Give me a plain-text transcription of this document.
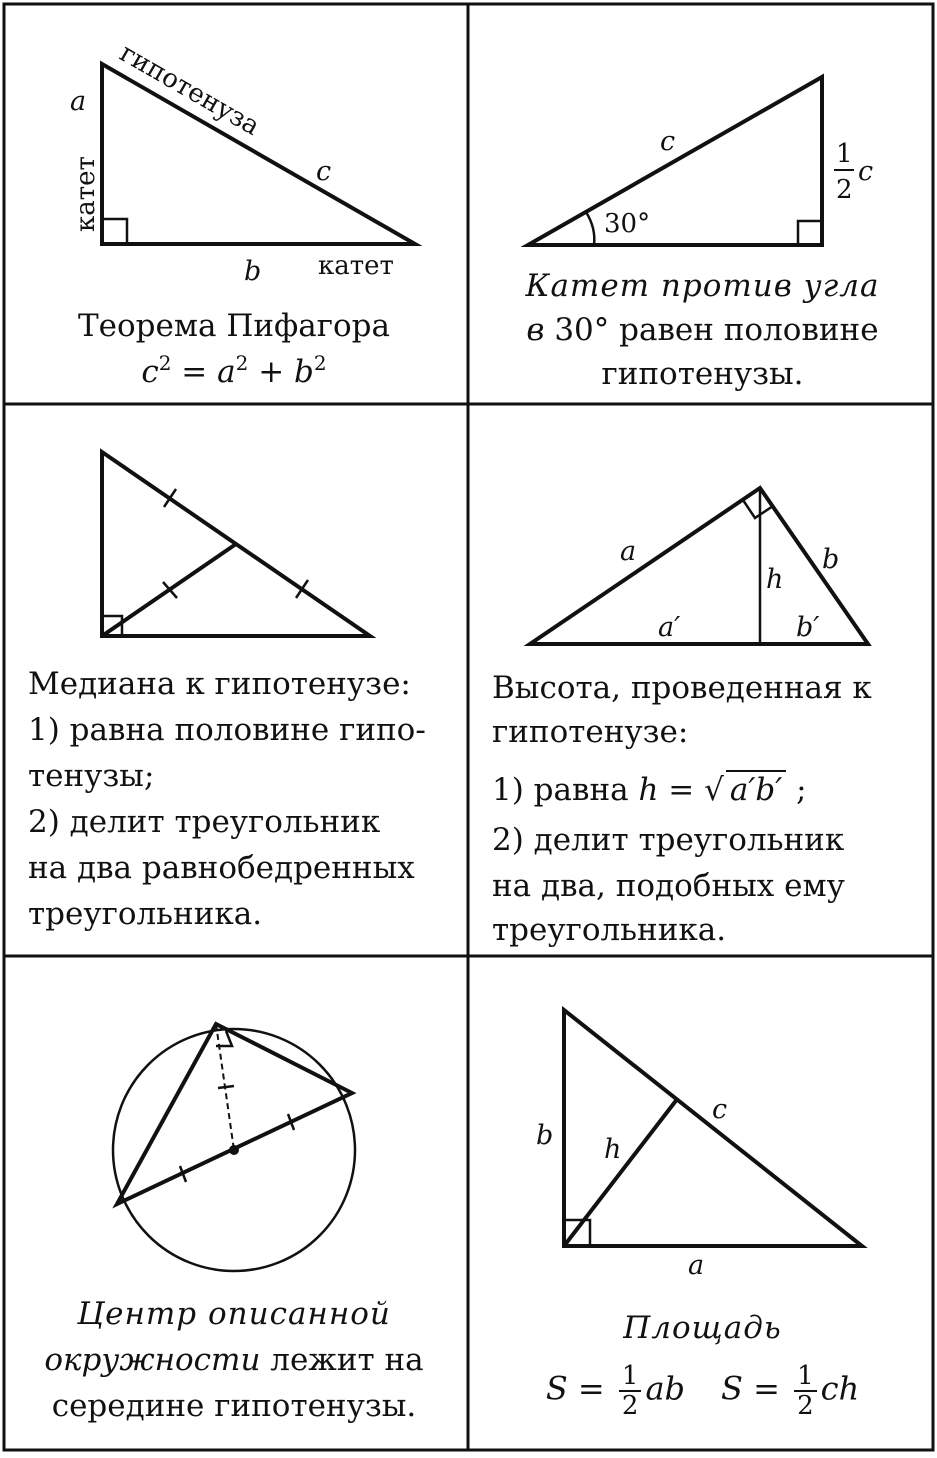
a
катет
гипотенуза
c
b катет
Теорема Пифагора
$c^2 = a^2 + b^2$
c
30°
1
2
c
Катет против угла
в 30° равен половине
гипотенузы.
Медиана к гипотенузе:
1) равна половине гипо-
тенузы;
2) делит треугольник
на два равнобедренных
треугольника.
a	b
h
a′	b′
Высота, проведенная к
гипотенузе:
1) равна h = √ a′b′ ;
2) делит треугольник
на два, подобных ему
треугольника.
Центр описанной
окружности лежит на
середине гипотенузы.
b h
c
a
Площадь
$S = \frac{1}{2}$ ab $S = \frac{1}{2}$ ch
